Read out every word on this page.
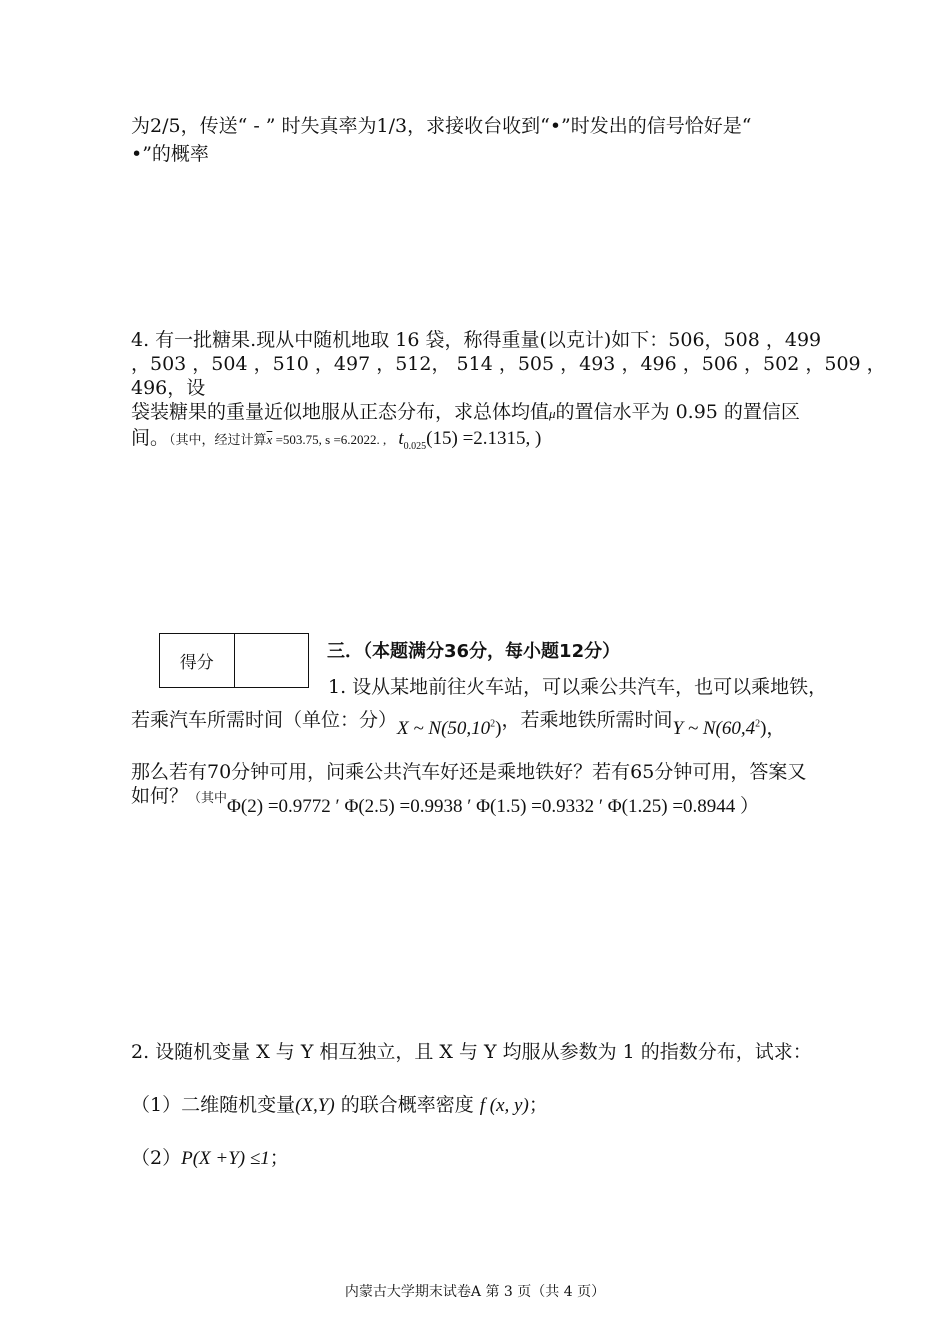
为2/5，传送“ - ” 时失真率为1/3，求接收台收到“•”时发出的信号恰好是“
•”的概率
4. 有一批糖果.现从中随机地取 16 袋，称得重量(以克计)如下：506，508 ，499
，503 ，504 ，510 ，497 ，512， 514 ，505 ，493 ，496 ，506 ，502 ，509 ，496，设
袋装糖果的重量近似地服从正态分布，求总体均值μ的置信水平为 0.95 的置信区
间。（其中，经过计算$\overline{x} =503.75$, s =6.2022. , $t_{0.025}(15) =2.1315$, )
得分
三．（本题满分36分，每小题12分）
1. 设从某地前往火车站，可以乘公共汽车，也可以乘地铁，
若乘汽车所需时间（单位：分）X ~ N(50,10$^2$)，若乘地铁所需时间Y ~ N(60,4$^2$)，
那么若有70分钟可用，问乘公共汽车好还是乘地铁好？若有65分钟可用，答案又
如何？（其中Φ(2) =0.9772 ′ Φ(2.5) =0.9938 ′ Φ(1.5) =0.9332 ′ Φ(1.25) =0.8944 ）
2. 设随机变量 X 与 Y 相互独立，且 X 与 Y 均服从参数为 1 的指数分布，试求：
（1）二维随机变量(X,Y) 的联合概率密度 f (x, y)；
（2）P(X +Y) ≤1；
内蒙古大学期末试卷A 第 3 页（共 4 页）
